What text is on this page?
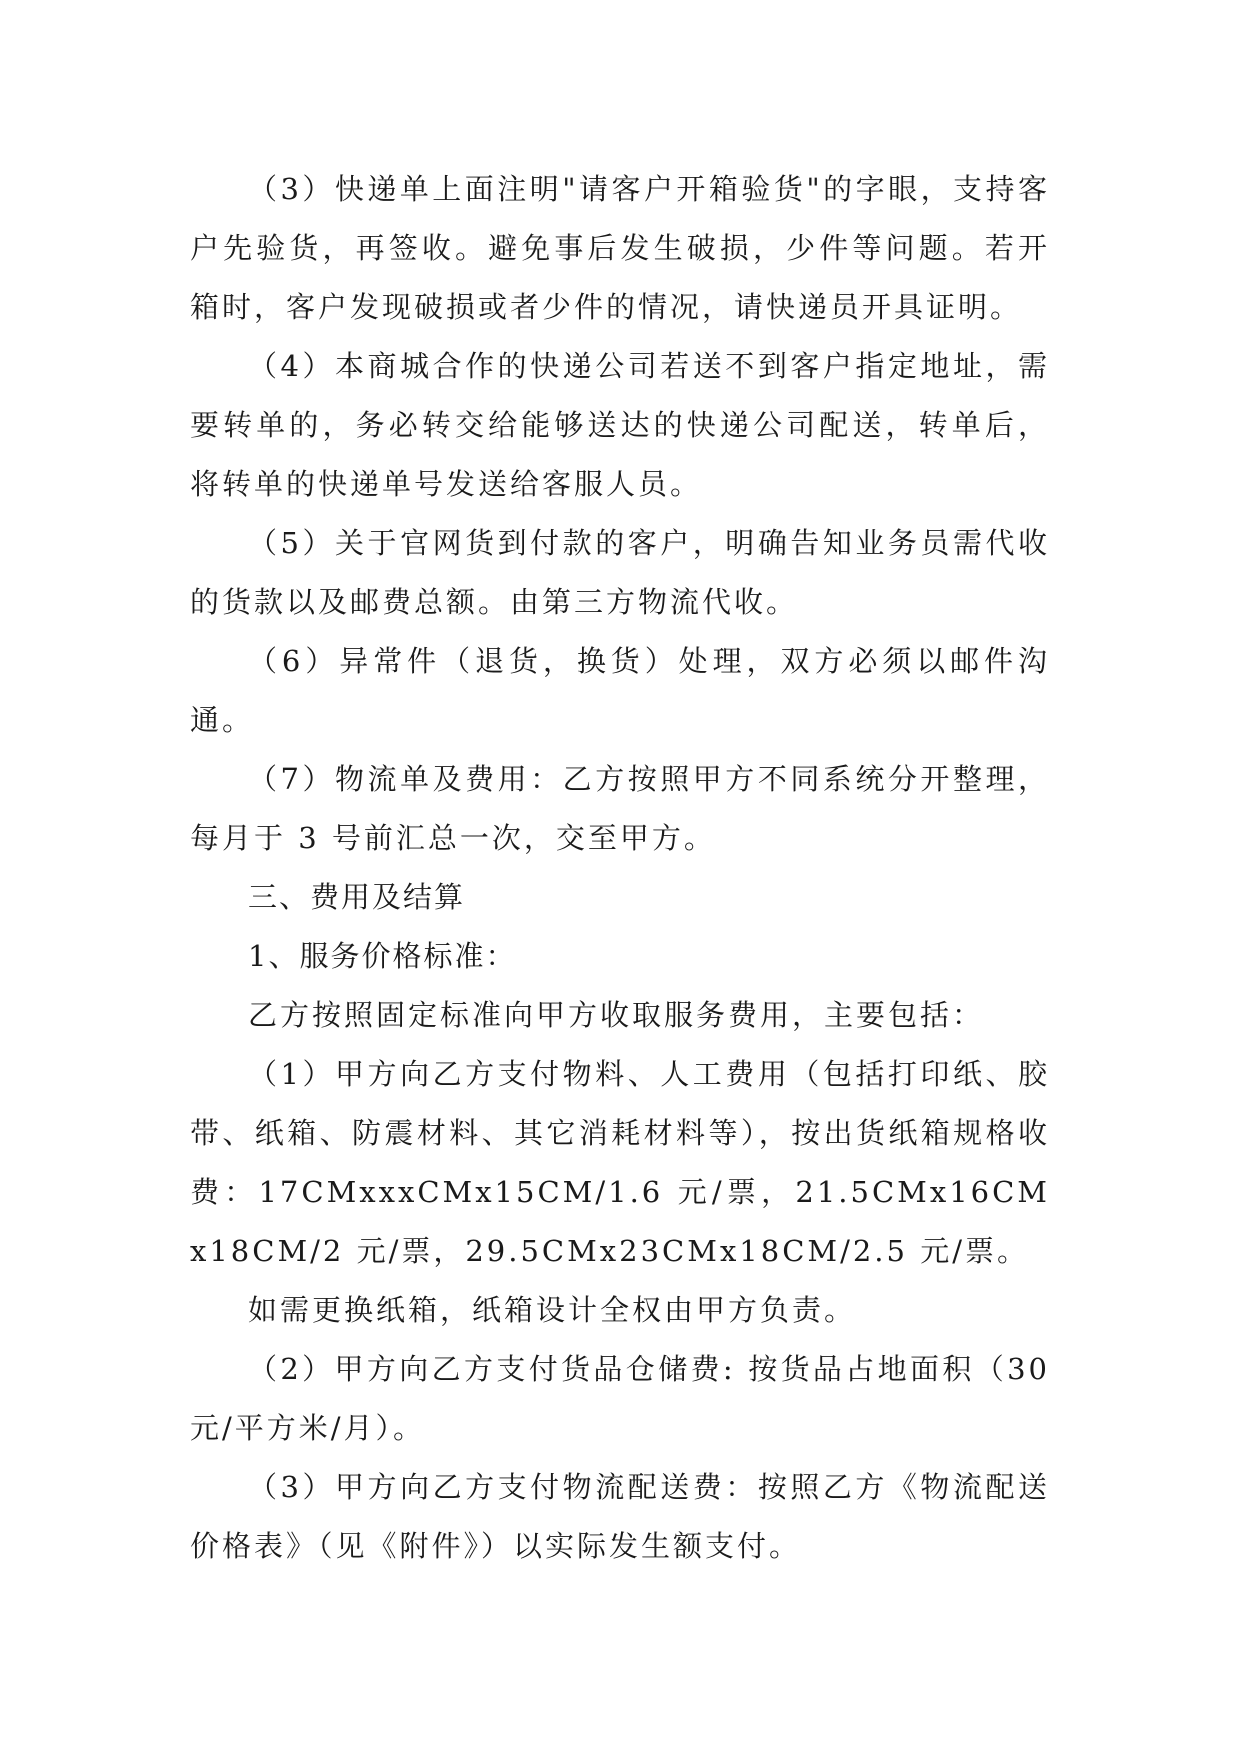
（3）快递单上面注明"请客户开箱验货"的字眼，支持客户先验货，再签收。避免事后发生破损，少件等问题。若开箱时，客户发现破损或者少件的情况，请快递员开具证明。

（4）本商城合作的快递公司若送不到客户指定地址，需要转单的，务必转交给能够送达的快递公司配送，转单后，将转单的快递单号发送给客服人员。

（5）关于官网货到付款的客户，明确告知业务员需代收的货款以及邮费总额。由第三方物流代收。

（6）异常件（退货，换货）处理，双方必须以邮件沟通。

（7）物流单及费用：乙方按照甲方不同系统分开整理，每月于 3 号前汇总一次，交至甲方。

三、费用及结算

1、服务价格标准：

乙方按照固定标准向甲方收取服务费用，主要包括：

（1）甲方向乙方支付物料、人工费用（包括打印纸、胶带、纸箱、防震材料、其它消耗材料等），按出货纸箱规格收费：17CMxxxCMx15CM/1.6 元/票，21.5CMx16CMx18CM/2 元/票，29.5CMx23CMx18CM/2.5 元/票。

如需更换纸箱，纸箱设计全权由甲方负责。

（2）甲方向乙方支付货品仓储费: 按货品占地面积（30 元/平方米/月）。

（3）甲方向乙方支付物流配送费：按照乙方《物流配送价格表》（见《附件》）以实际发生额支付。
